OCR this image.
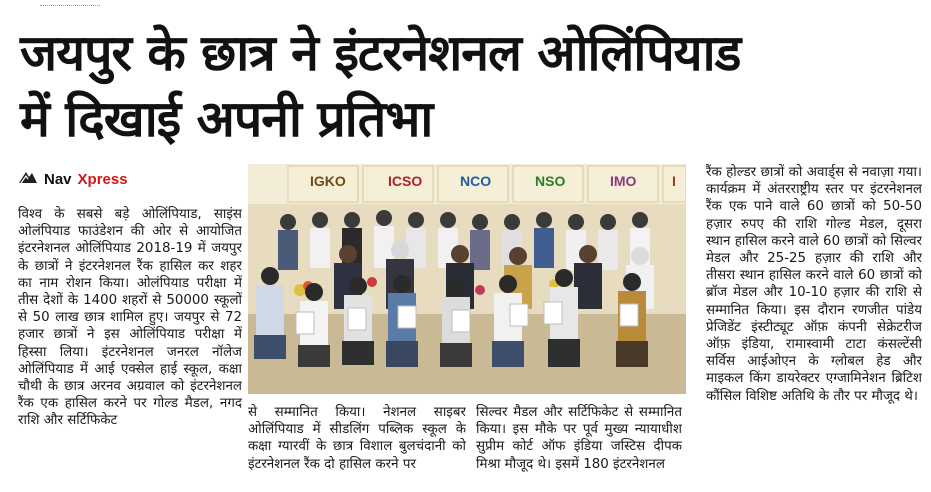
जयपुर के छात्र ने इंटरनेशनल ओलिंपियाड
में दिखाई अपनी प्रतिभा
Nav Xpress
विश्व के सबसे बड़े ओलिंपियाड, साइंस ओलंपियाड फाउंडेशन की ओर से आयोजित इंटरनेशनल ओलिंपियाड 2018-19 में जयपुर के छात्रों ने इंटरनेशनल रैंक हासिल कर शहर का नाम रोशन किया। ओलंपियाड परीक्षा में तीस देशों के 1400 शहरों से 50000 स्कूलों से 50 लाख छात्र शामिल हुए। जयपुर से 72 हजार छात्रों ने इस ओलिंपियाड परीक्षा में हिस्सा लिया। इंटरनेशनल जनरल नॉलेज ओलिंपियाड में आई एक्सेल हाई स्कूल, कक्षा चौथी के छात्र अरनव अग्रवाल को इंटरनेशनल रैंक एक हासिल करने पर गोल्ड मैडल, नगद राशि और सर्टिफिकेट
IGKO	ICSO	NCO	NSO	IMO	I
से सम्मानित किया। नेशनल साइबर ओलिंपियाड में सीडलिंग पब्लिक स्कूल के कक्षा ग्यारवीं के छात्र विशाल बुलचंदानी को इंटरनेशनल रैंक दो हासिल करने पर
सिल्वर मैडल और सर्टिफिकेट से सम्मानित किया। इस मौके पर पूर्व मुख्य न्यायाधीश सुप्रीम कोर्ट ऑफ इंडिया जस्टिस दीपक मिश्रा मौजूद थे। इसमें 180 इंटरनेशनल
रैंक होल्डर छात्रों को अवार्ड्स से नवाज़ा गया। कार्यक्रम में अंतरराष्ट्रीय स्तर पर इंटरनेशनल रैंक एक पाने वाले 60 छात्रों को 50-50 हज़ार रुपए की राशि गोल्ड मेडल, दूसरा स्थान हासिल करने वाले 60 छात्रों को सिल्वर मेडल और 25-25 हज़ार की राशि और तीसरा स्थान हासिल करने वाले 60 छात्रों को ब्रॉज मेडल और 10-10 हज़ार की राशि से सम्मानित किया। इस दौरान रणजीत पांडेय प्रेजिडेंट इंस्टीट्यूट ऑफ़ कंपनी सेक्रेटरीज ऑफ़ इंडिया, रामास्वामी टाटा कंसल्टेंसी सर्विस आईओएन के ग्लोबल हेड और माइकल किंग डायरेक्टर एग्जामिनेशन ब्रिटिश कौंसिल विशिष्ट अतिथि के तौर पर मौजूद थे।
